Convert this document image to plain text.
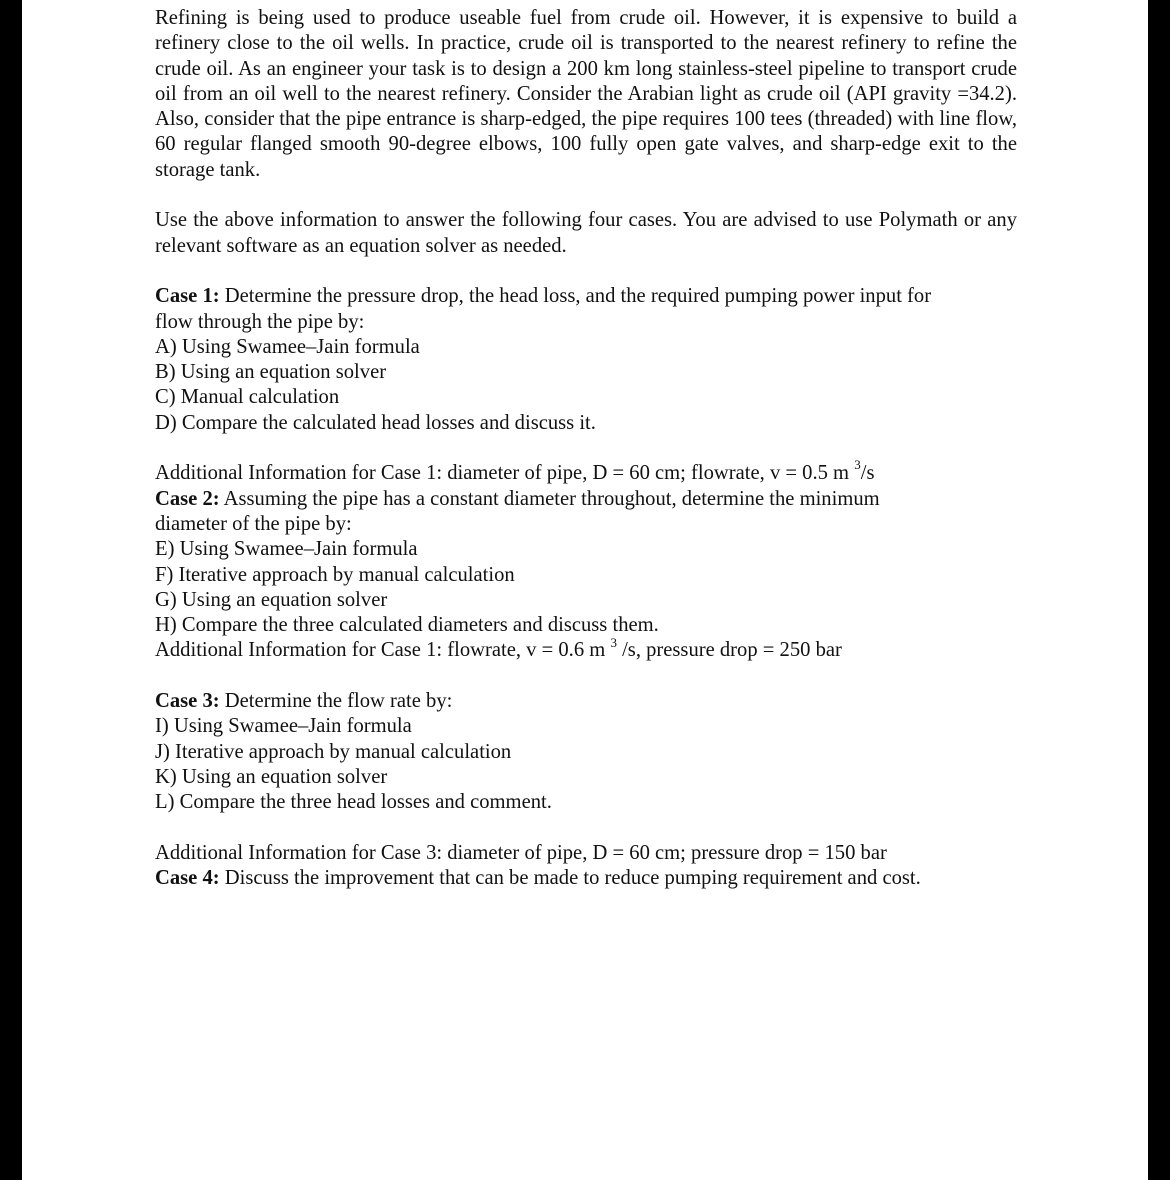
Refining is being used to produce useable fuel from crude oil. However, it is expensive to build a refinery close to the oil wells. In practice, crude oil is transported to the nearest refinery to refine the crude oil. As an engineer your task is to design a 200 km long stainless-steel pipeline to transport crude oil from an oil well to the nearest refinery. Consider the Arabian light as crude oil (API gravity =34.2). Also, consider that the pipe entrance is sharp-edged, the pipe requires 100 tees (threaded) with line flow, 60 regular flanged smooth 90-degree elbows, 100 fully open gate valves, and sharp-edge exit to the storage tank.

Use the above information to answer the following four cases. You are advised to use Polymath or any relevant software as an equation solver as needed.

Case 1: Determine the pressure drop, the head loss, and the required pumping power input for

flow through the pipe by:

A) Using Swamee–Jain formula

B) Using an equation solver

C) Manual calculation

D) Compare the calculated head losses and discuss it.

Additional Information for Case 1: diameter of pipe, D = 60 cm; flowrate, v = 0.5 m $^3$/s

Case 2: Assuming the pipe has a constant diameter throughout, determine the minimum

diameter of the pipe by:

E) Using Swamee–Jain formula

F) Iterative approach by manual calculation

G) Using an equation solver

H) Compare the three calculated diameters and discuss them.

Additional Information for Case 1: flowrate, v = 0.6 m $^3$ /s, pressure drop = 250 bar

Case 3: Determine the flow rate by:

I) Using Swamee–Jain formula

J) Iterative approach by manual calculation

K) Using an equation solver

L) Compare the three head losses and comment.

Additional Information for Case 3: diameter of pipe, D = 60 cm; pressure drop = 150 bar

Case 4: Discuss the improvement that can be made to reduce pumping requirement and cost.
